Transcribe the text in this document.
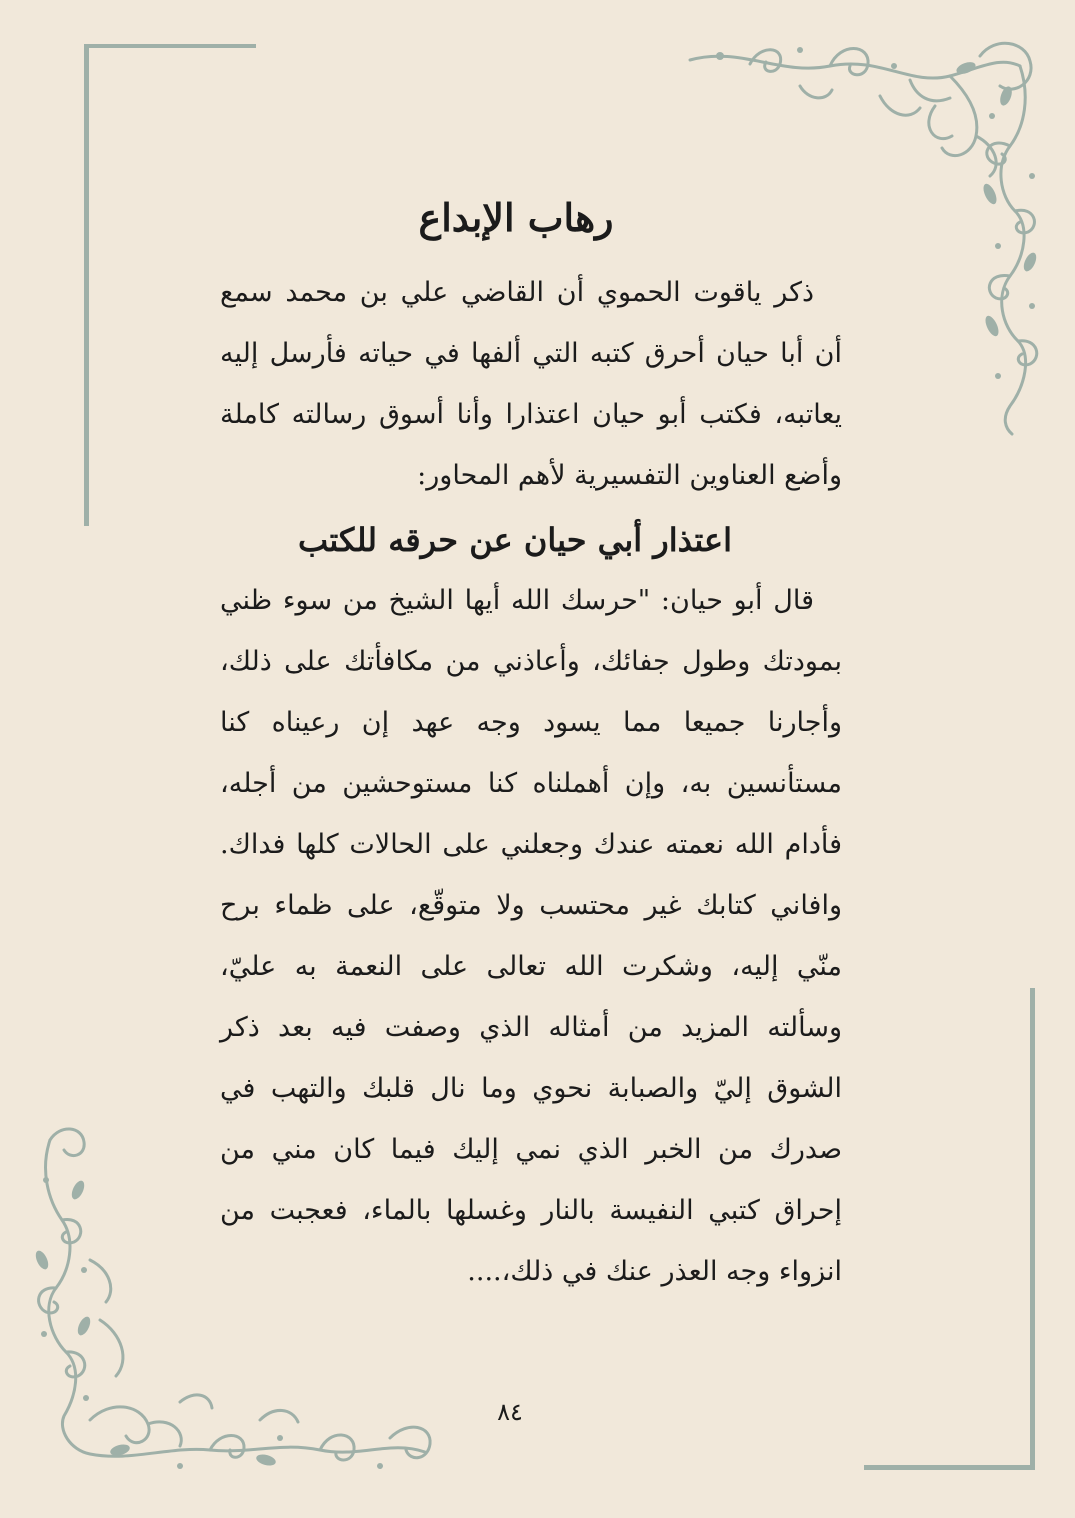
رهاب الإبداع

ذكر ياقوت الحموي أن القاضي علي بن محمد سمع أن أبا حيان أحرق كتبه التي ألفها في حياته فأرسل إليه يعاتبه، فكتب أبو حيان اعتذارا وأنا أسوق رسالته كاملة وأضع العناوين التفسيرية لأهم المحاور:

اعتذار أبي حيان عن حرقه للكتب

قال أبو حيان: "حرسك الله أيها الشيخ من سوء ظني بمودتك وطول جفائك، وأعاذني من مكافأتك على ذلك، وأجارنا جميعا مما يسود وجه عهد إن رعيناه كنا مستأنسين به، وإن أهملناه كنا مستوحشين من أجله، فأدام الله نعمته عندك وجعلني على الحالات كلها فداك. وافاني كتابك غير محتسب ولا متوقّع، على ظماء برح منّي إليه، وشكرت الله تعالى على النعمة به عليّ، وسألته المزيد من أمثاله الذي وصفت فيه بعد ذكر الشوق إليّ والصبابة نحوي وما نال قلبك والتهب في صدرك من الخبر الذي نمي إليك فيما كان مني من إحراق كتبي النفيسة بالنار وغسلها بالماء، فعجبت من انزواء وجه العذر عنك في ذلك،....

٨٤
